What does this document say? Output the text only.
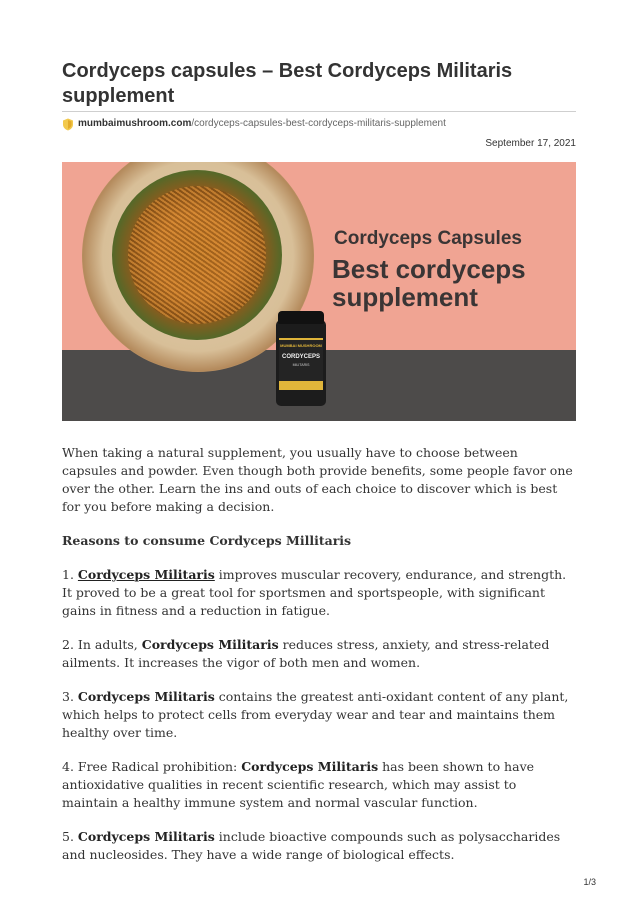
Cordyceps capsules – Best Cordyceps Militaris supplement
mumbaimushroom.com /cordyceps-capsules-best-cordyceps-militaris-supplement
September 17, 2021
Cordyceps Capsules
Best cordyceps
supplement
MUMBAI MUSHROOM
CORDYCEPS
MILITARIS

When taking a natural supplement, you usually have to choose between capsules and powder. Even though both provide benefits, some people favor one over the other. Learn the ins and outs of each choice to discover which is best for you before making a decision.

Reasons to consume Cordyceps Millitaris

1. Cordyceps Militaris improves muscular recovery, endurance, and strength. It proved to be a great tool for sportsmen and sportspeople, with significant gains in fitness and a reduction in fatigue.

2. In adults, Cordyceps Militaris reduces stress, anxiety, and stress-related ailments. It increases the vigor of both men and women.

3. Cordyceps Militaris contains the greatest anti-oxidant content of any plant, which helps to protect cells from everyday wear and tear and maintains them healthy over time.

4. Free Radical prohibition: Cordyceps Militaris has been shown to have antioxidative qualities in recent scientific research, which may assist to maintain a healthy immune system and normal vascular function.

5. Cordyceps Militaris include bioactive compounds such as polysaccharides and nucleosides. They have a wide range of biological effects.

1/3
